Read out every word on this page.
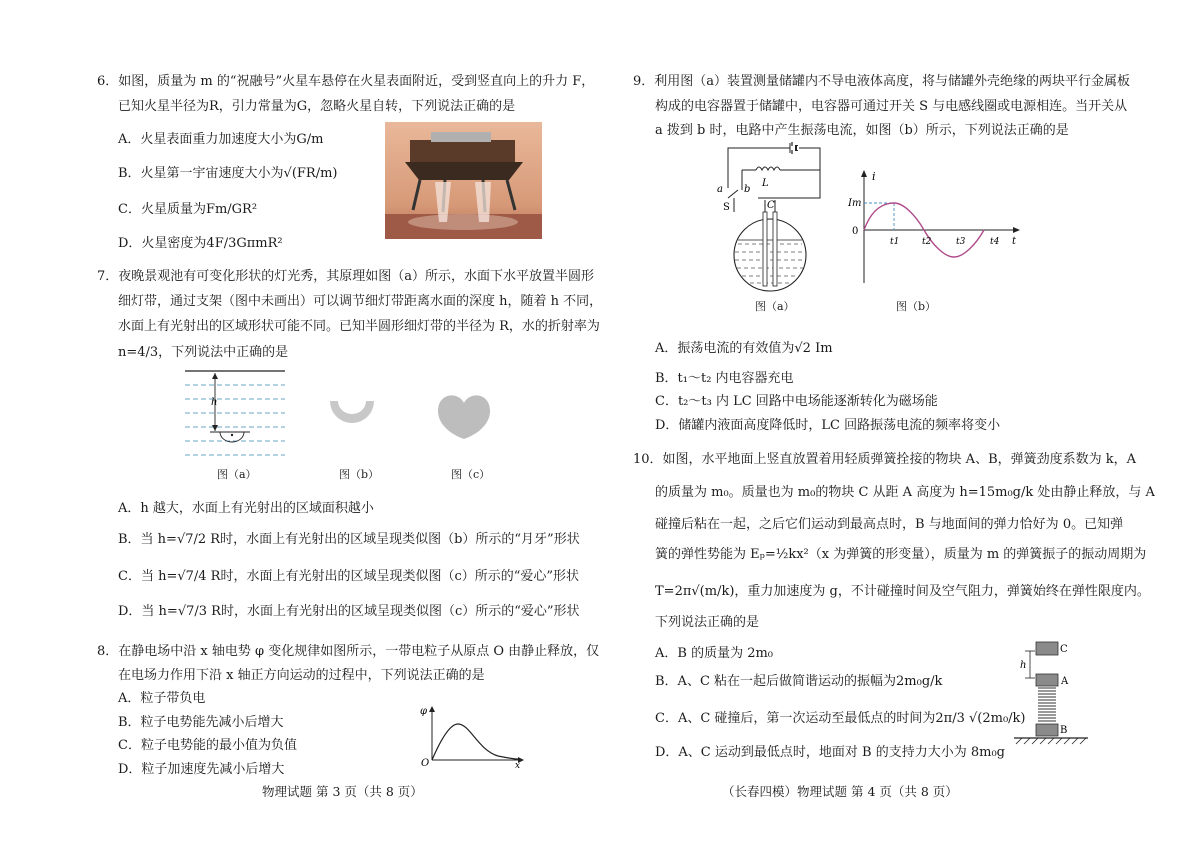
6．如图，质量为 m 的“祝融号”火星车悬停在火星表面附近，受到竖直向上的升力 F，
已知火星半径为R，引力常量为G，忽略火星自转，下列说法正确的是
A．火星表面重力加速度大小为G/m
B．火星第一宇宙速度大小为√(FR/m)
C．火星质量为Fm/GR²
D．火星密度为4F/3GπmR²
7．夜晚景观池有可变化形状的灯光秀，其原理如图（a）所示，水面下水平放置半圆形
细灯带，通过支架（图中未画出）可以调节细灯带距离水面的深度 h，随着 h 不同，
水面上有光射出的区域形状可能不同。已知半圆形细灯带的半径为 R，水的折射率为
n=4/3，下列说法中正确的是
h
图（a）	图（b）	图（c）
A．h 越大，水面上有光射出的区域面积越小
B．当 h=√7/2 R时，水面上有光射出的区域呈现类似图（b）所示的“月牙”形状
C．当 h=√7/4 R时，水面上有光射出的区域呈现类似图（c）所示的“爱心”形状
D．当 h=√7/3 R时，水面上有光射出的区域呈现类似图（c）所示的“爱心”形状
8．在静电场中沿 x 轴电势 φ 变化规律如图所示，一带电粒子从原点 O 由静止释放，仅
在电场力作用下沿 x 轴正方向运动的过程中，下列说法正确的是
A．粒子带负电
B．粒子电势能先减小后增大
C．粒子电势能的最小值为负值
D．粒子加速度先减小后增大
φ
O	x
物理试题 第 3 页（共 8 页）
9．利用图（a）装置测量储罐内不导电液体高度，将与储罐外壳绝缘的两块平行金属板
构成的电容器置于储罐中，电容器可通过开关 S 与电感线圈或电源相连。当开关从
a 拨到 b 时，电路中产生振荡电流，如图（b）所示，下列说法正确的是
a b
S
L
C
图（a）
i
Im
0
t1	t2	t3	t4 t
图（b）
A．振荡电流的有效值为√2 Im
B．t₁～t₂ 内电容器充电
C．t₂～t₃ 内 LC 回路中电场能逐渐转化为磁场能
D．储罐内液面高度降低时，LC 回路振荡电流的频率将变小
10．如图，水平地面上竖直放置着用轻质弹簧拴接的物块 A、B，弹簧劲度系数为 k，A
的质量为 m₀。质量也为 m₀的物块 C 从距 A 高度为 h=15m₀g/k 处由静止释放，与 A
碰撞后粘在一起，之后它们运动到最高点时，B 与地面间的弹力恰好为 0。已知弹
簧的弹性势能为 Eₚ=½kx²（x 为弹簧的形变量），质量为 m 的弹簧振子的振动周期为
T=2π√(m/k)，重力加速度为 g，不计碰撞时间及空气阻力，弹簧始终在弹性限度内。
下列说法正确的是
A．B 的质量为 2m₀
B．A、C 粘在一起后做简谐运动的振幅为2m₀g/k
C．A、C 碰撞后，第一次运动至最低点的时间为2π/3 √(2m₀/k)
D．A、C 运动到最低点时，地面对 B 的支持力大小为 8m₀g
C
h
A
B
（长春四模）物理试题 第 4 页（共 8 页）
